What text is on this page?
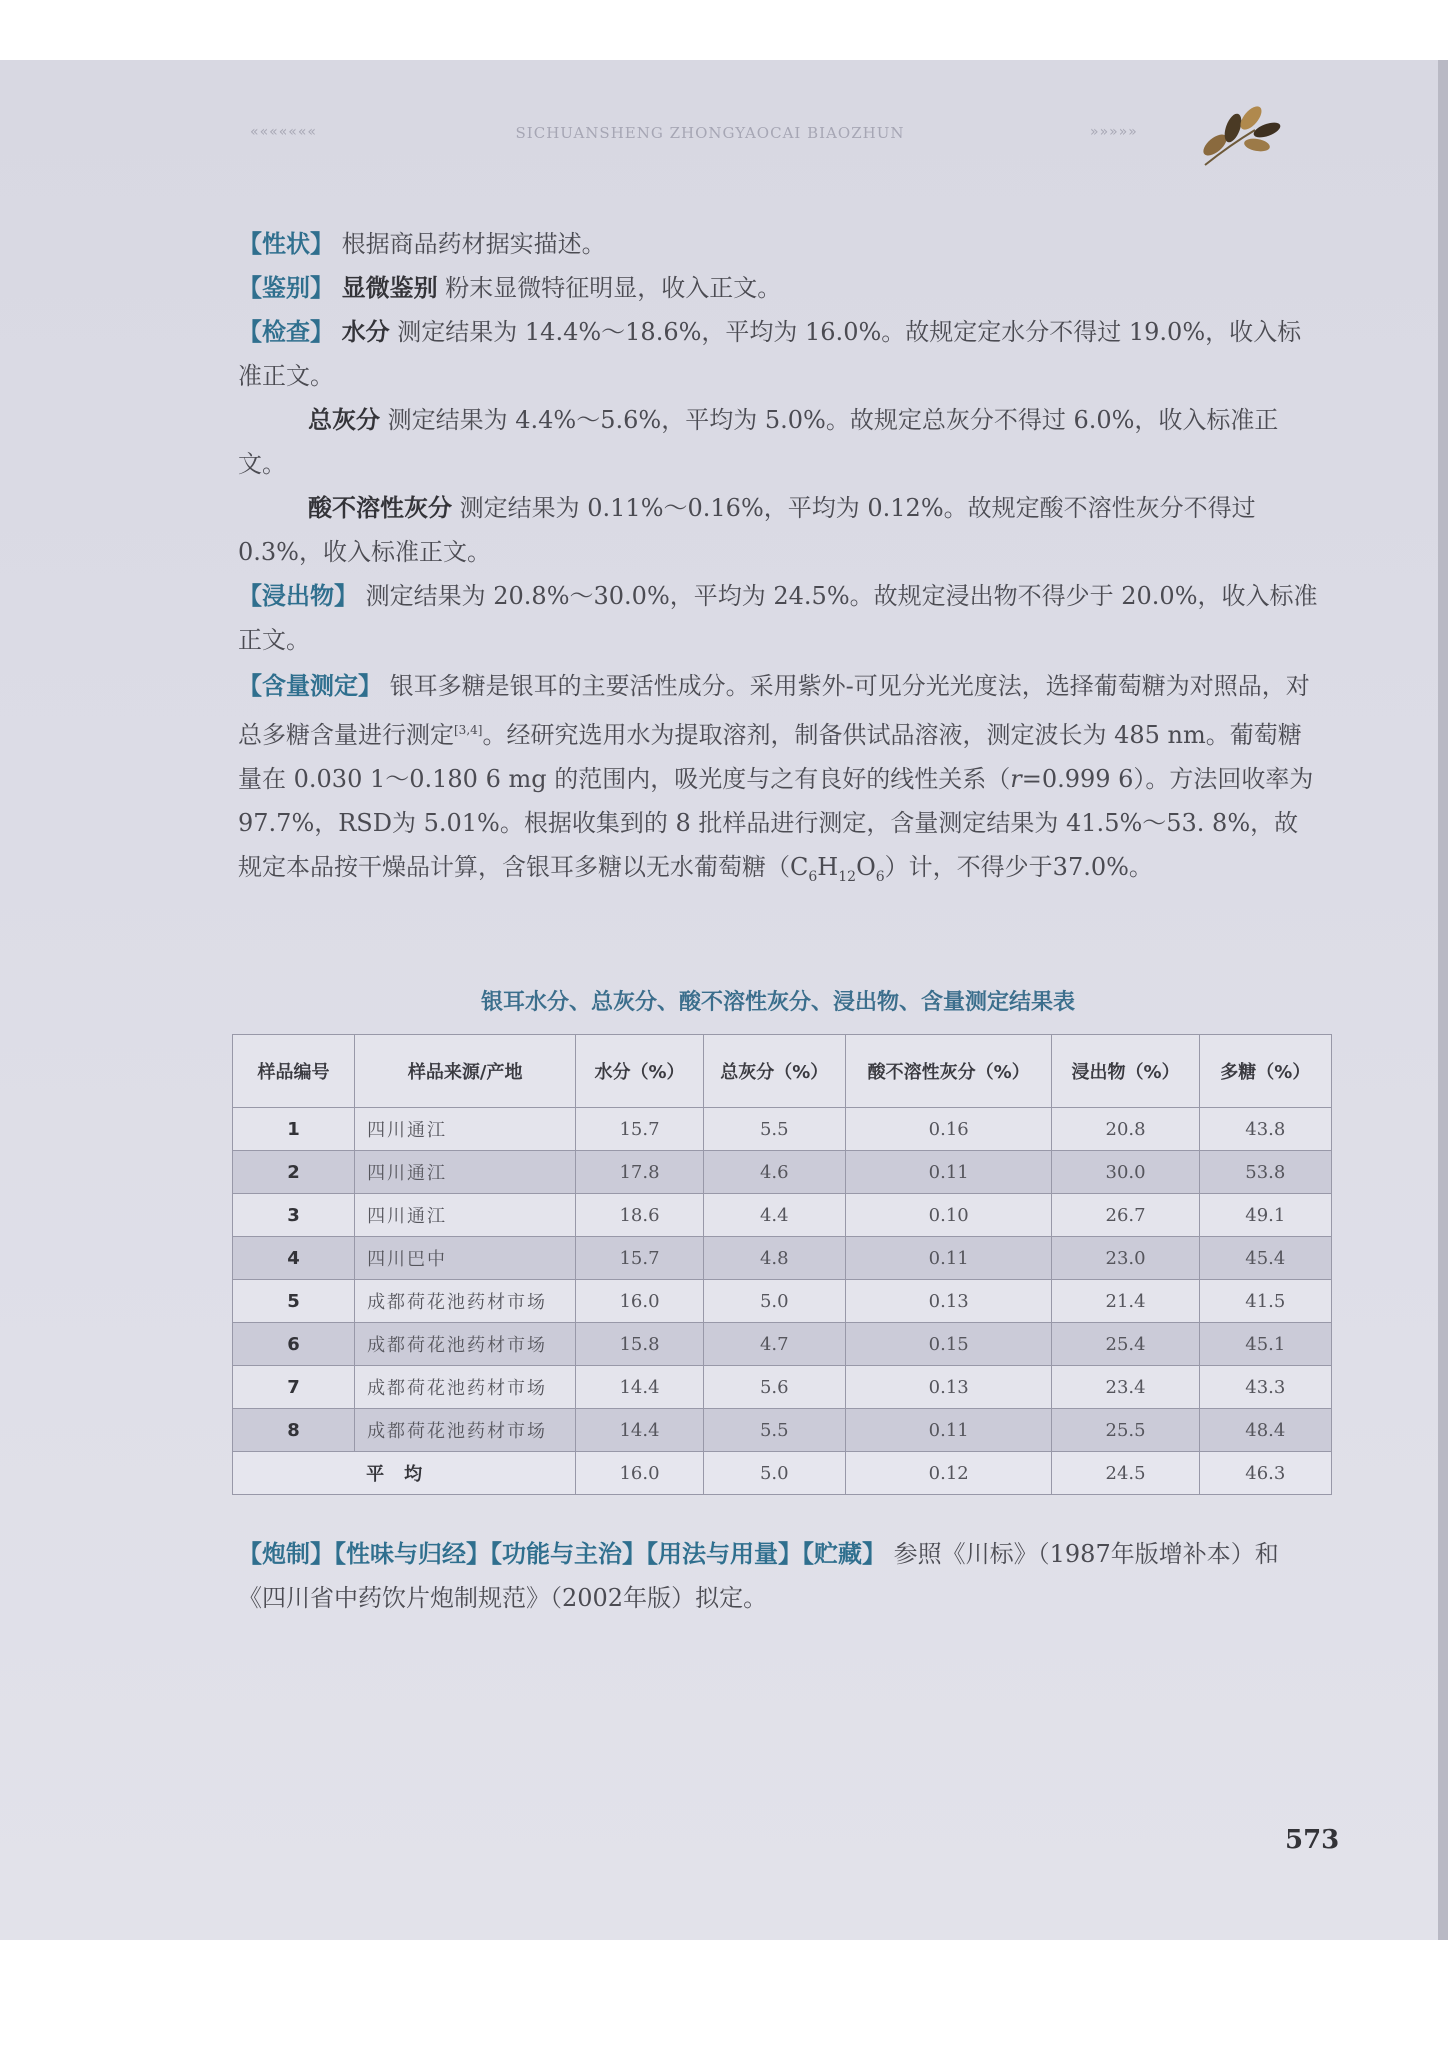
«««««««	SICHUANSHENG ZHONGYAOCAI BIAOZHUN	»»»»»
【性状】 根据商品药材据实描述。
【鉴别】 显微鉴别 粉末显微特征明显，收入正文。
【检查】 水分 测定结果为 14.4%～18.6%，平均为 16.0%。故规定定水分不得过 19.0%，收入标准正文。
总灰分 测定结果为 4.4%～5.6%，平均为 5.0%。故规定总灰分不得过 6.0%，收入标准正文。
酸不溶性灰分 测定结果为 0.11%～0.16%，平均为 0.12%。故规定酸不溶性灰分不得过 0.3%，收入标准正文。
【浸出物】 测定结果为 20.8%～30.0%，平均为 24.5%。故规定浸出物不得少于 20.0%，收入标准正文。
【含量测定】 银耳多糖是银耳的主要活性成分。采用紫外-可见分光光度法，选择葡萄糖为对照品，对总多糖含量进行测定[3,4]。经研究选用水为提取溶剂，制备供试品溶液，测定波长为 485 nm。葡萄糖量在 0.030 1～0.180 6 mg 的范围内，吸光度与之有良好的线性关系（r=0.999 6）。方法回收率为 97.7%，RSD为 5.01%。根据收集到的 8 批样品进行测定，含量测定结果为 41.5%～53. 8%，故规定本品按干燥品计算，含银耳多糖以无水葡萄糖$(C_6H_{12}O_6)$计，不得少于37.0%。
银耳水分、总灰分、酸不溶性灰分、浸出物、含量测定结果表
样品编号	样品来源/产地	水分（%）	总灰分（%）	酸不溶性灰分（%）	浸出物（%）	多糖（%）
1	四川通江	15.7	5.5	0.16	20.8	43.8
2	四川通江	17.8	4.6	0.11	30.0	53.8
3	四川通江	18.6	4.4	0.10	26.7	49.1
4	四川巴中	15.7	4.8	0.11	23.0	45.4
5	成都荷花池药材市场	16.0	5.0	0.13	21.4	41.5
6	成都荷花池药材市场	15.8	4.7	0.15	25.4	45.1
7	成都荷花池药材市场	14.4	5.6	0.13	23.4	43.3
8	成都荷花池药材市场	14.4	5.5	0.11	25.5	48.4
平均		16.0	5.0	0.12	24.5	46.3
【炮制】【性味与归经】【功能与主治】【用法与用量】【贮藏】 参照《川标》（1987年版增补本）和《四川省中药饮片炮制规范》（2002年版）拟定。
573
